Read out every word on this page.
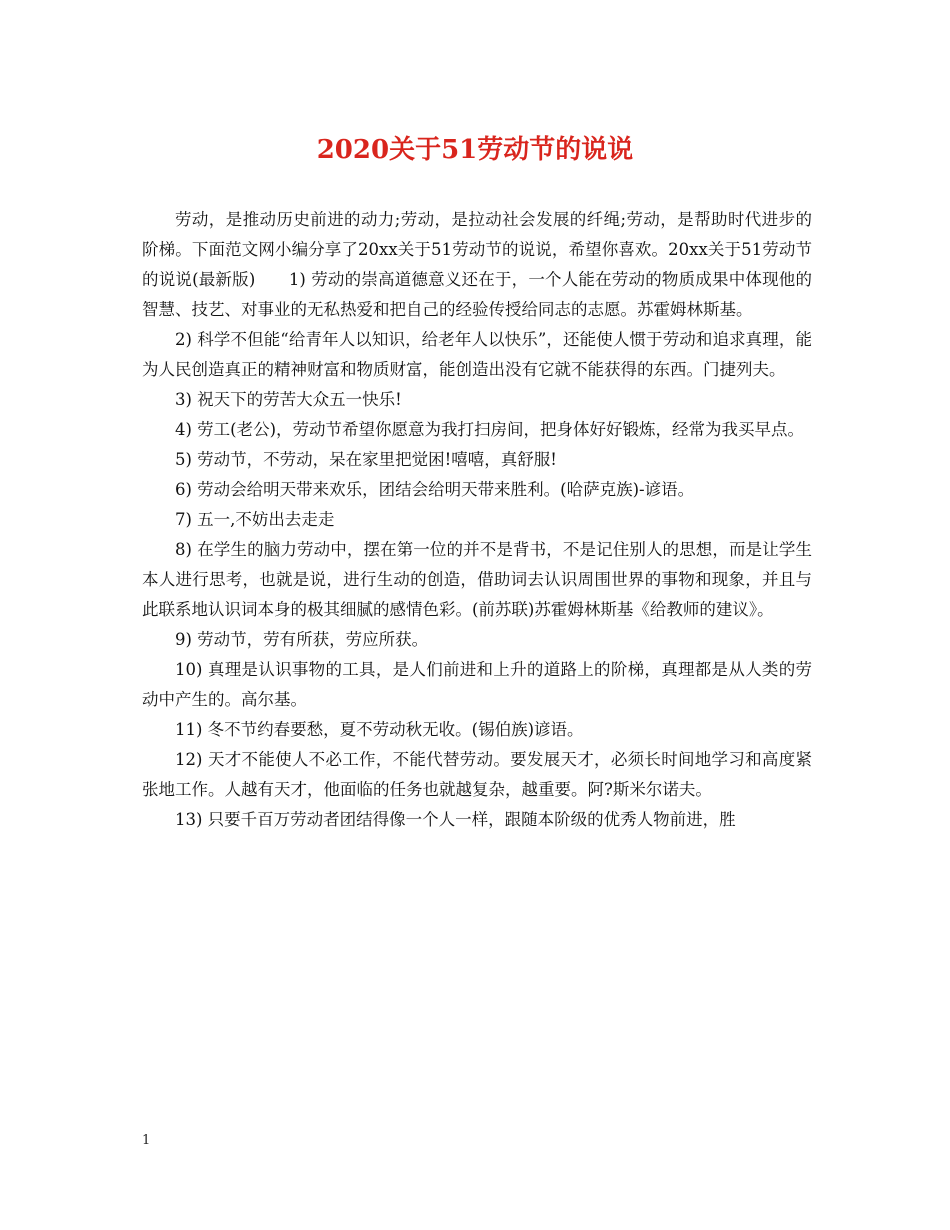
2020关于51劳动节的说说

劳动，是推动历史前进的动力;劳动，是拉动社会发展的纤绳;劳动，是帮助时代进步的阶梯。下面范文网小编分享了20xx关于51劳动节的说说，希望你喜欢。20xx关于51劳动节的说说(最新版)　　1) 劳动的崇高道德意义还在于，一个人能在劳动的物质成果中体现他的智慧、技艺、对事业的无私热爱和把自己的经验传授给同志的志愿。苏霍姆林斯基。

2) 科学不但能“给青年人以知识，给老年人以快乐”，还能使人惯于劳动和追求真理，能为人民创造真正的精神财富和物质财富，能创造出没有它就不能获得的东西。门捷列夫。

3) 祝天下的劳苦大众五一快乐!

4) 劳工(老公)，劳动节希望你愿意为我打扫房间，把身体好好锻炼，经常为我买早点。

5) 劳动节，不劳动，呆在家里把觉困!嘻嘻，真舒服!

6) 劳动会给明天带来欢乐，团结会给明天带来胜利。(哈萨克族)-谚语。

7) 五一,不妨出去走走

8) 在学生的脑力劳动中，摆在第一位的并不是背书，不是记住别人的思想，而是让学生本人进行思考，也就是说，进行生动的创造，借助词去认识周围世界的事物和现象，并且与此联系地认识词本身的极其细腻的感情色彩。(前苏联)苏霍姆林斯基《给教师的建议》。

9) 劳动节，劳有所获，劳应所获。

10) 真理是认识事物的工具，是人们前进和上升的道路上的阶梯，真理都是从人类的劳动中产生的。高尔基。

11) 冬不节约春要愁，夏不劳动秋无收。(锡伯族)谚语。

12) 天才不能使人不必工作，不能代替劳动。要发展天才，必须长时间地学习和高度紧张地工作。人越有天才，他面临的任务也就越复杂，越重要。阿?斯米尔诺夫。

13) 只要千百万劳动者团结得像一个人一样，跟随本阶级的优秀人物前进，胜

1
